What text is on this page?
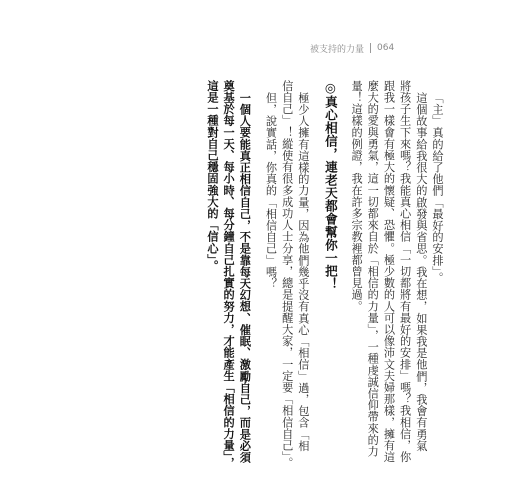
被支持的力量 064
「主」真的給了他們「最好的安排」。
這個故事給我很大的啟發與省思。我在想，如果我是他們，我會有勇氣
將孩子生下來嗎？我能真心相信「一切都將有最好的安排」嗎？我相信，你
跟我一樣會有極大的懷疑、恐懼。極少數的人可以像沛文夫婦那樣，擁有這
麼大的愛與勇氣，這一切都來自於「相信的力量」，一種虔誠信仰帶來的力
量！這樣的例證，我在許多宗教裡都曾見過。
◎真心相信，連老天都會幫你一把！
極少人擁有這樣的力量，因為他們幾乎沒有真心「相信」過，包含「相
信自己」！縱使有很多成功人士分享，總是提醒大家，一定要「相信自己」。
但，說實話，你真的「相信自己」嗎？
一個人要能真正相信自己，不是靠每天幻想、催眠、激勵自己，而是必須
奠基於每一天、每小時、每分鐘自己扎實的努力，才能產生「相信的力量」，
這是一種對自己穩固強大的「信心」。
